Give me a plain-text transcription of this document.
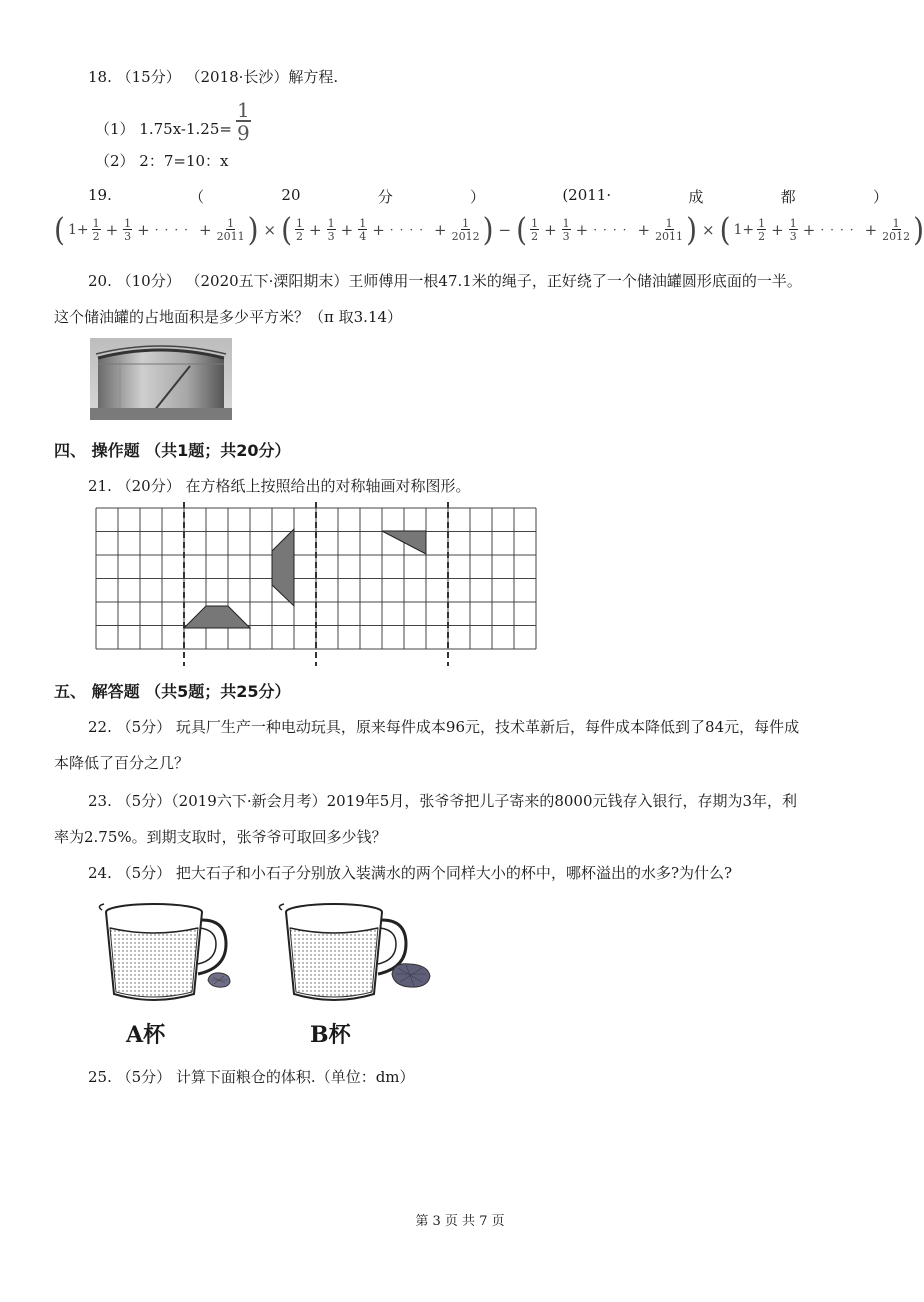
18. （15分） （2018·长沙）解方程.
（1） $1.75x-1.25= \frac{1}{9}$
（2） 2：7=10：x
19.	（	20	分	）	(2011·	成	都	）
( $1+ \frac{1}{2} + \frac{1}{3}$ + ···· + $\frac{1}{2011}$ ) × ( $\frac{1}{2} + \frac{1}{3} + \frac{1}{4}$ + ···· + $\frac{1}{2012}$ ) − ( $\frac{1}{2} + \frac{1}{3}$ + ···· + $\frac{1}{2011}$ ) × ( $1+ \frac{1}{2} + \frac{1}{3}$ + ···· + $\frac{1}{2012}$ )
20. （10分） （2020五下·溧阳期末）王师傅用一根47.1米的绳子，正好绕了一个储油罐圆形底面的一半。
这个储油罐的占地面积是多少平方米？（π 取3.14）
四、 操作题 （共1题；共20分）
21. （20分） 在方格纸上按照给出的对称轴画对称图形。
五、 解答题 （共5题；共25分）
22. （5分） 玩具厂生产一种电动玩具，原来每件成本96元，技术革新后，每件成本降低到了84元，每件成
本降低了百分之几？
23. （5分）（2019六下·新会月考）2019年5月，张爷爷把儿子寄来的8000元钱存入银行，存期为3年，利
率为2.75%。到期支取时，张爷爷可取回多少钱？
24. （5分） 把大石子和小石子分别放入装满水的两个同样大小的杯中，哪杯溢出的水多?为什么?
A杯	B杯
25. （5分） 计算下面粮仓的体积.（单位：dm）
第 3 页 共 7 页
